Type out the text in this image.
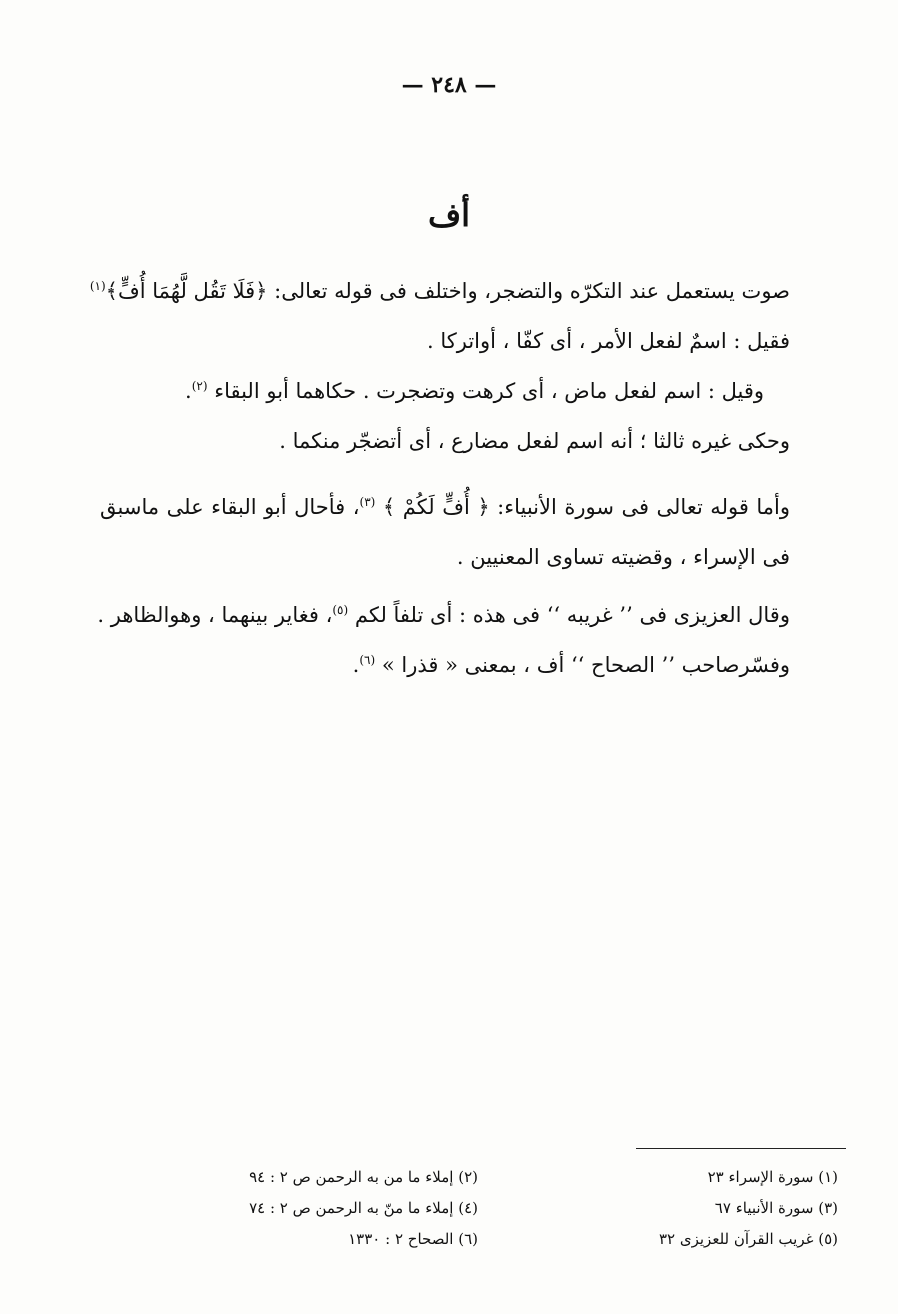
— ٢٤٨ —
أف

صوت يستعمل عند التكرّه والتضجر، واختلف فى قوله تعالى: ﴿فَلَا تَقُل لَّهُمَا أُفٍّ﴾$^{(١)}$

فقيل : اسمٌ لفعل الأمر ، أى كفّا ، أواتركا .

وقيل : اسم لفعل ماض ، أى كرهت وتضجرت . حكاهما أبو البقاء $^{(٢)}$.

وحكى غيره ثالثا ؛ أنه اسم لفعل مضارع ، أى أتضجّر منكما .

وأما قوله تعالى فى سورة الأنبياء: ﴿ أُفٍّ لَكُمْ ﴾ $^{(٣)}$، فأحال أبو البقاء على ماسبق فى الإسراء ، وقضيته تساوى المعنيين .

وقال العزيزى فى ’’ غريبه ‘‘ فى هذه : أى تلفاً لكم $^{(٥)}$، فغاير بينهما ، وهوالظاهر .

وفسّرصاحب ’’ الصحاح ‘‘ أف ، بمعنى « قذرا » $^{(٦)}$.

(١) سورة الإسراء ٢٣
(٣) سورة الأنبياء ٦٧
(٥) غريب القرآن للعزيزى ٣٢
(٢) إملاء ما من به الرحمن ص ٢ : ٩٤
(٤) إملاء ما منّ به الرحمن ص ٢ : ٧٤
(٦) الصحاح ٢ : ١٣٣٠
